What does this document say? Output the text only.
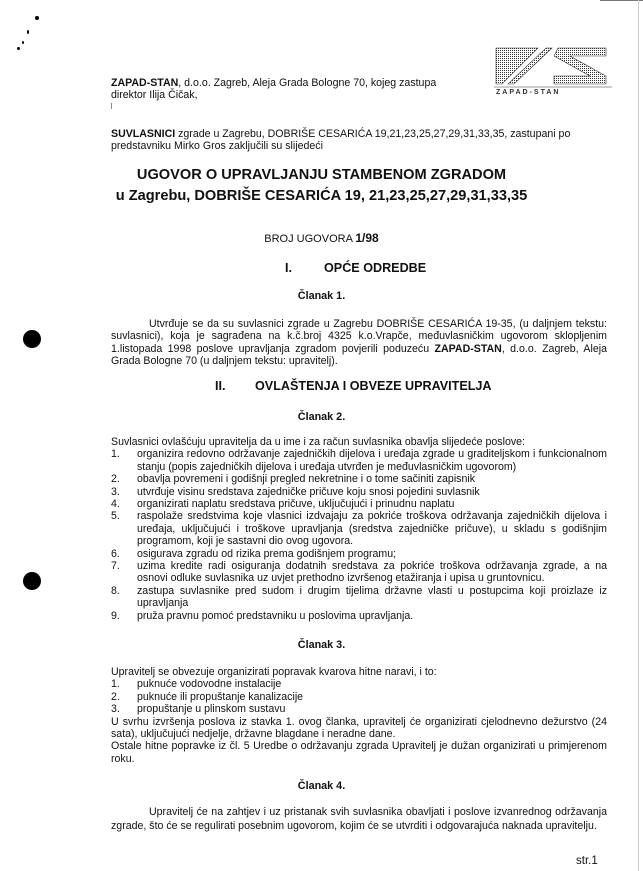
ZAPAD-STAN
ZAPAD-STAN, d.o.o. Zagreb, Aleja Grada Bologne 70, kojeg zastupa
direktor Ilija Čičak,
SUVLASNICI zgrade u Zagrebu, DOBRIŠE CESARIĆA 19,21,23,25,27,29,31,33,35, zastupani po
predstavniku Mirko Gros zaključili su slijedeći
UGOVOR O UPRAVLJANJU STAMBENOM ZGRADOM
u Zagrebu, DOBRIŠE CESARIĆA 19, 21,23,25,27,29,31,33,35
BROJ UGOVORA 1/98
I.	OPĆE ODREDBE
Članak 1.
Utvrđuje se da su suvlasnici zgrade u Zagrebu DOBRIŠE CESARIĆA 19-35, (u daljnjem tekstu: suvlasnici), koja je sagrađena na k.č.broj 4325 k.o.Vrapče, međuvlasničkim ugovorom sklopljenim 1.listopada 1998 poslove upravljanja zgradom povjerili poduzeću ZAPAD-STAN, d.o.o. Zagreb, Aleja Grada Bologne 70 (u daljnjem tekstu: upravitelj).
II. OVLAŠTENJA I OBVEZE UPRAVITELJA
Članak 2.
Suvlasnici ovlašćuju upravitelja da u ime i za račun suvlasnika obavlja slijedeće poslove:
1. organizira redovno održavanje zajedničkih dijelova i uređaja zgrade u graditeljskom i funkcionalnom stanju (popis zajedničkih dijelova i uređaja utvrđen je međuvlasničkim ugovorom)
2. obavlja povremeni i godišnji pregled nekretnine i o tome sačiniti zapisnik
3. utvrđuje visinu sredstava zajedničke pričuve koju snosi pojedini suvlasnik
4. organizirati naplatu sredstava pričuve, uključujući i prinudnu naplatu
5. raspolaže sredstvima koje vlasnici izdvajaju za pokriće troškova održavanja zajedničkih dijelova i uređaja, uključujući i troškove upravljanja (sredstva zajedničke pričuve), u skladu s godišnjim programom, koji je sastavni dio ovog ugovora.
6. osigurava zgradu od rizika prema godišnjem programu;
7. uzima kredite radi osiguranja dodatnih sredstava za pokriće troškova održavanja zgrade, a na osnovi odluke suvlasnika uz uvjet prethodno izvršenog etažiranja i upisa u gruntovnicu.
8. zastupa suvlasnike pred sudom i drugim tijelima državne vlasti u postupcima koji proizlaze iz upravljanja
9. pruža pravnu pomoć predstavniku u poslovima upravljanja.
Članak 3.
Upravitelj se obvezuje organizirati popravak kvarova hitne naravi, i to:
1. puknuće vodovodne instalacije
2. puknuće ili propuštanje kanalizacije
3. propuštanje u plinskom sustavu
U svrhu izvršenja poslova iz stavka 1. ovog članka, upravitelj će organizirati cjelodnevno dežurstvo (24 sata), uključujući nedjelje, državne blagdane i neradne dane.
Ostale hitne popravke iz čl. 5 Uredbe o održavanju zgrada Upravitelj je dužan organizirati u primjerenom roku.
Članak 4.
Upravitelj će na zahtjev i uz pristanak svih suvlasnika obavljati i poslove izvanrednog održavanja zgrade, što će se regulirati posebnim ugovorom, kojim će se utvrditi i odgovarajuća naknada upravitelju.
str.1
